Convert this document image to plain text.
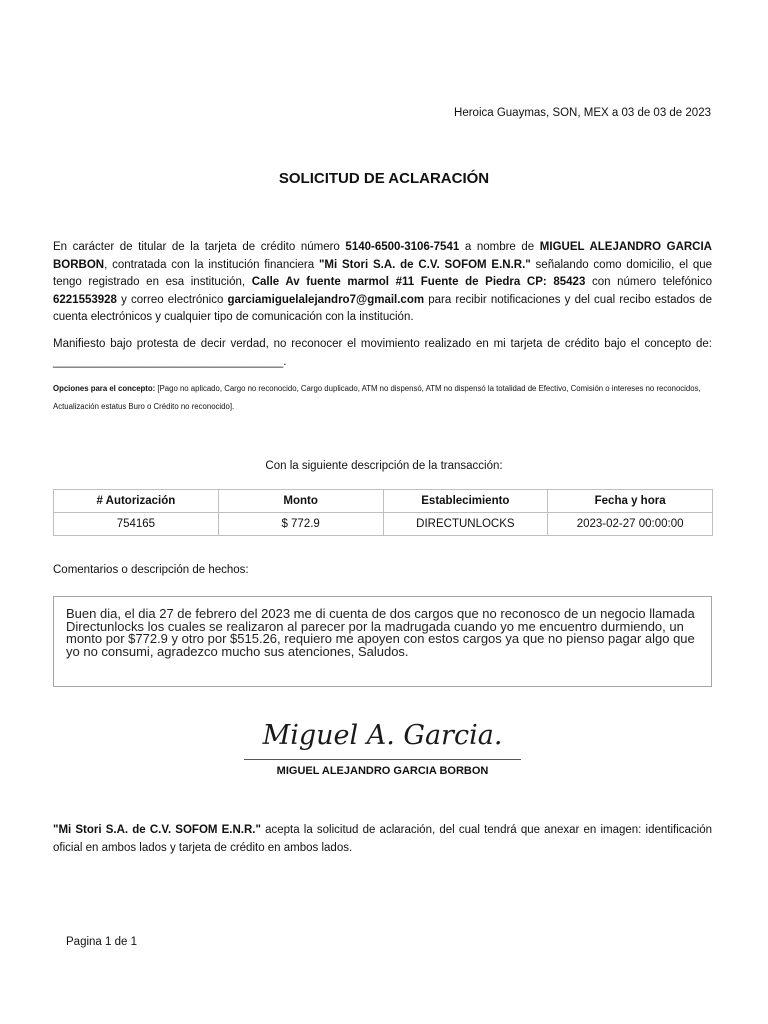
Heroica Guaymas, SON, MEX a 03 de 03 de 2023
SOLICITUD DE ACLARACIÓN
En carácter de titular de la tarjeta de crédito número 5140-6500-3106-7541 a nombre de MIGUEL ALEJANDRO GARCIA BORBON, contratada con la institución financiera "Mi Stori S.A. de C.V. SOFOM E.N.R." señalando como domicilio, el que tengo registrado en esa institución, Calle Av fuente marmol #11 Fuente de Piedra CP: 85423 con número telefónico 6221553928 y correo electrónico garciamiguelalejandro7@gmail.com para recibir notificaciones y del cual recibo estados de cuenta electrónicos y cualquier tipo de comunicación con la institución.
Manifiesto bajo protesta de decir verdad, no reconocer el movimiento realizado en mi tarjeta de crédito bajo el concepto de: ____________________________________.
Opciones para el concepto: [Pago no aplicado, Cargo no reconocido, Cargo duplicado, ATM no dispensó, ATM no dispensó la totalidad de Efectivo, Comisión o intereses no reconocidos, Actualización estatus Buro o Crédito no reconocido].
Con la siguiente descripción de la transacción:
# Autorización	Monto	Establecimiento	Fecha y hora
754165	$ 772.9	DIRECTUNLOCKS	2023-02-27 00:00:00
Comentarios o descripción de hechos:
Buen dia, el dia 27 de febrero del 2023 me di cuenta de dos cargos que no reconosco de un negocio llamada Directunlocks los cuales se realizaron al parecer por la madrugada cuando yo me encuentro durmiendo, un monto por $772.9 y otro por $515.26, requiero me apoyen con estos cargos ya que no pienso pagar algo que yo no consumi, agradezco mucho sus atenciones, Saludos.
Miguel A. Garcia.
MIGUEL ALEJANDRO GARCIA BORBON
"Mi Stori S.A. de C.V. SOFOM E.N.R." acepta la solicitud de aclaración, del cual tendrá que anexar en imagen: identificación oficial en ambos lados y tarjeta de crédito en ambos lados.
Pagina 1 de 1
